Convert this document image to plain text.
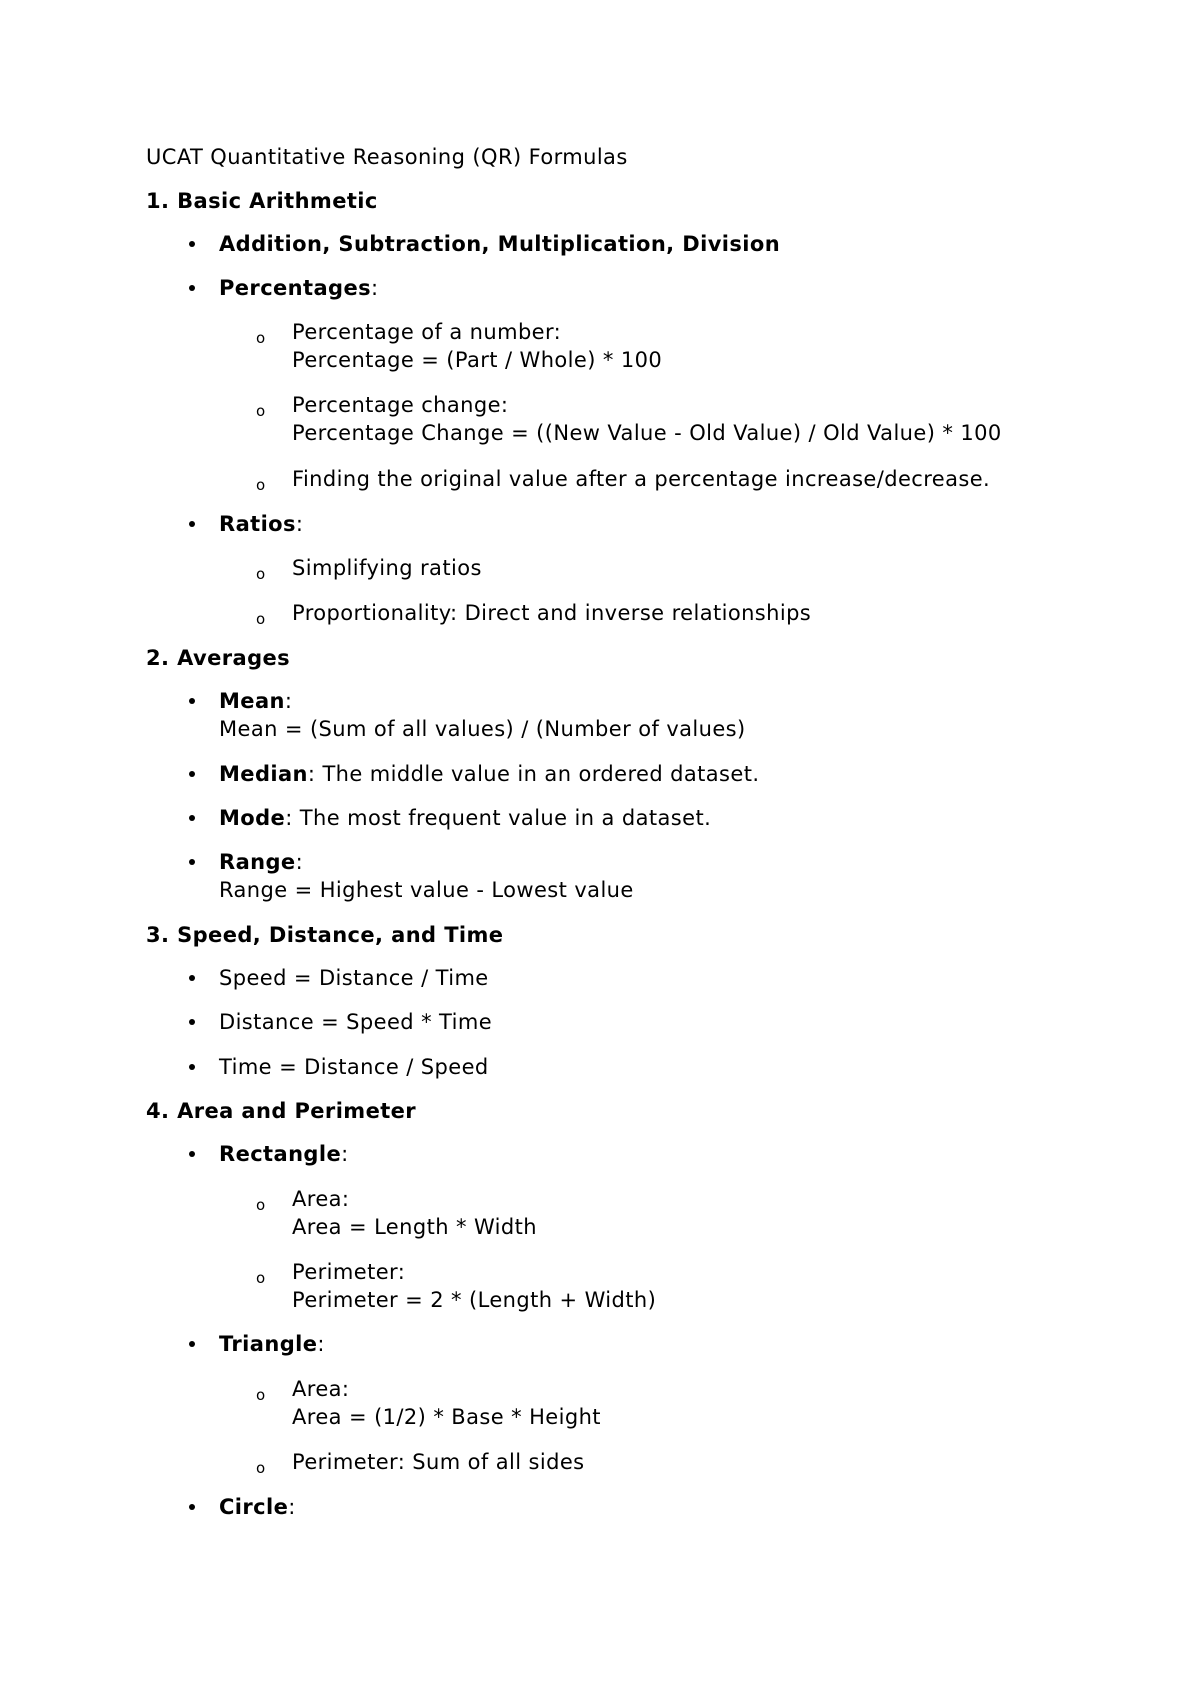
UCAT Quantitative Reasoning (QR) Formulas
1. Basic Arithmetic
Addition, Subtraction, Multiplication, Division
Percentages:
o Percentage of a number:
Percentage = (Part / Whole) * 100
o Percentage change:
Percentage Change = ((New Value - Old Value) / Old Value) * 100
o Finding the original value after a percentage increase/decrease.
Ratios:
o Simplifying ratios
o Proportionality: Direct and inverse relationships
2. Averages
Mean:
Mean = (Sum of all values) / (Number of values)
Median: The middle value in an ordered dataset.
Mode: The most frequent value in a dataset.
Range:
Range = Highest value - Lowest value
3. Speed, Distance, and Time
Speed = Distance / Time
Distance = Speed * Time
Time = Distance / Speed
4. Area and Perimeter
Rectangle:
o Area:
Area = Length * Width
o Perimeter:
Perimeter = 2 * (Length + Width)
Triangle:
o Area:
Area = (1/2) * Base * Height
o Perimeter: Sum of all sides
Circle:
